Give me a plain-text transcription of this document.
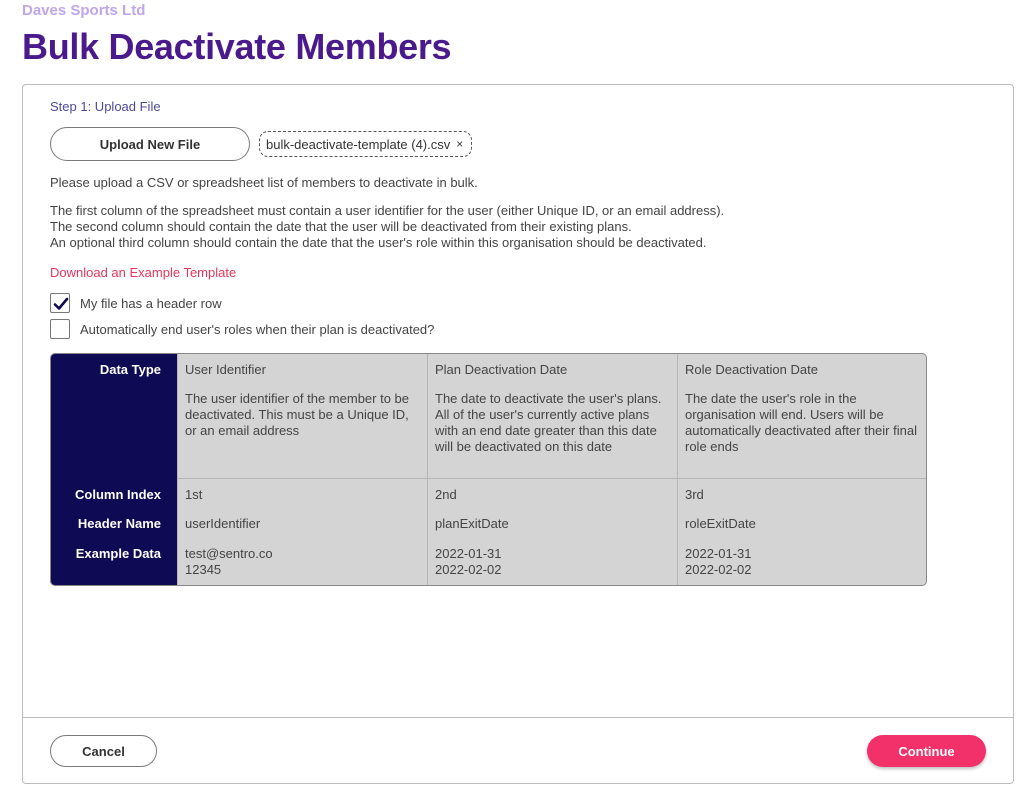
Daves Sports Ltd
Bulk Deactivate Members
Step 1: Upload File
Upload New File	bulk-deactivate-template (4).csv ×
Please upload a CSV or spreadsheet list of members to deactivate in bulk.
The first column of the spreadsheet must contain a user identifier for the user (either Unique ID, or an email address).
The second column should contain the date that the user will be deactivated from their existing plans.
An optional third column should contain the date that the user's role within this organisation should be deactivated.
Download an Example Template
My file has a header row
Automatically end user's roles when their plan is deactivated?
Data Type
Column Index
Header Name
Example Data
User Identifier
The user identifier of the member to be deactivated. This must be a Unique ID, or an email address
1st
userIdentifier
test@sentro.co
12345
Plan Deactivation Date
The date to deactivate the user's plans. All of the user's currently active plans with an end date greater than this date will be deactivated on this date
2nd
planExitDate
2022-01-31
2022-02-02
Role Deactivation Date
The date the user's role in the organisation will end. Users will be automatically deactivated after their final role ends
3rd
roleExitDate
2022-01-31
2022-02-02
Cancel	Continue
